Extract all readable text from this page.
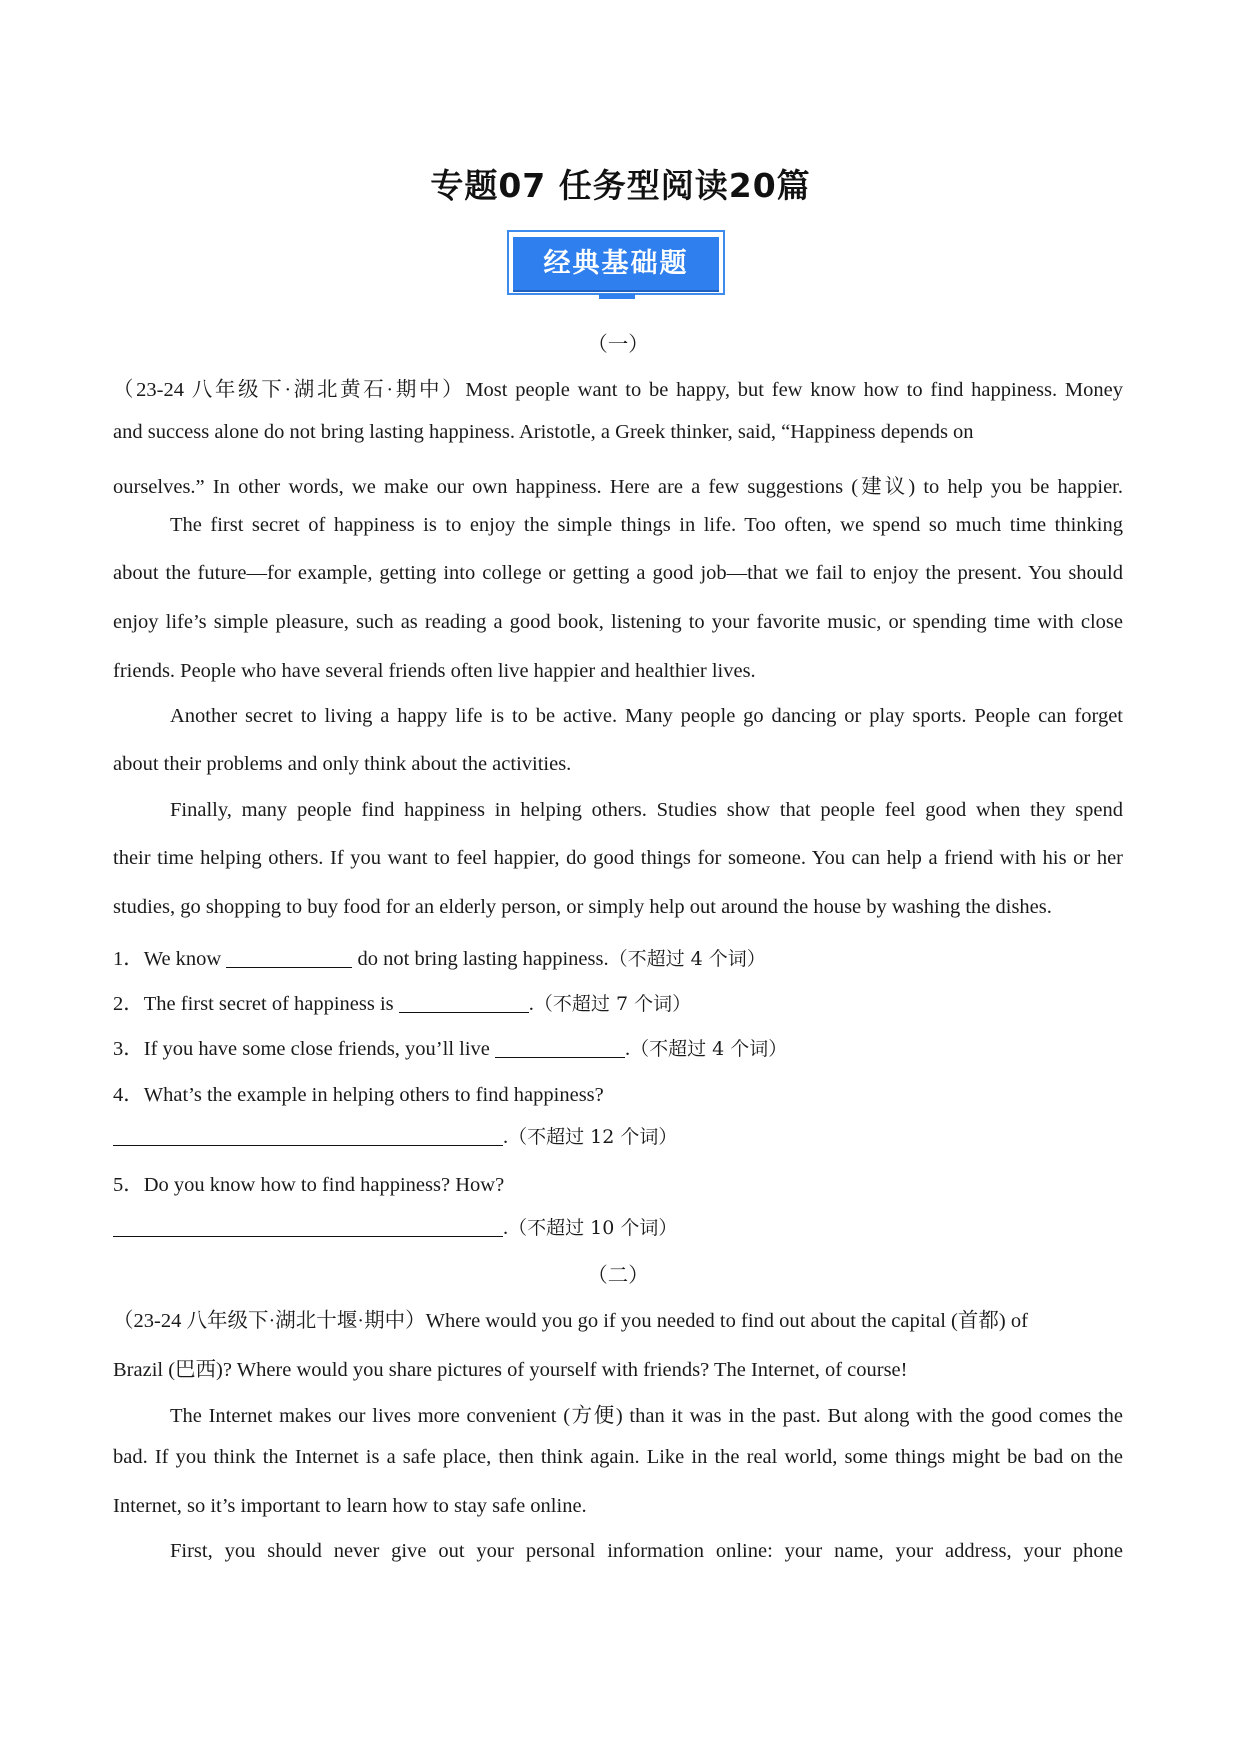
专题07 任务型阅读20篇
经典基础题
（一）
（23-24 八年级下·湖北黄石·期中）Most people want to be happy, but few know how to find happiness. Money
and success alone do not bring lasting happiness. Aristotle, a Greek thinker, said, “Happiness depends on
ourselves.” In other words, we make our own happiness. Here are a few suggestions (建议) to help you be happier.
The first secret of happiness is to enjoy the simple things in life. Too often, we spend so much time thinking
about the future—for example, getting into college or getting a good job—that we fail to enjoy the present. You should
enjoy life’s simple pleasure, such as reading a good book, listening to your favorite music, or spending time with close
friends. People who have several friends often live happier and healthier lives.
Another secret to living a happy life is to be active. Many people go dancing or play sports. People can forget
about their problems and only think about the activities.
Finally, many people find happiness in helping others. Studies show that people feel good when they spend
their time helping others. If you want to feel happier, do good things for someone. You can help a friend with his or her
studies, go shopping to buy food for an elderly person, or simply help out around the house by washing the dishes.
1．We know	do not bring lasting happiness.（不超过 4 个词）
2．The first secret of happiness is	.（不超过 7 个词）
3．If you have some close friends, you’ll live	.（不超过 4 个词）
4．What’s the example in helping others to find happiness?
.（不超过 12 个词）
5．Do you know how to find happiness? How?
.（不超过 10 个词）
（二）
（23-24 八年级下·湖北十堰·期中）Where would you go if you needed to find out about the capital (首都) of
Brazil (巴西)? Where would you share pictures of yourself with friends? The Internet, of course!
The Internet makes our lives more convenient (方便) than it was in the past. But along with the good comes the
bad. If you think the Internet is a safe place, then think again. Like in the real world, some things might be bad on the
Internet, so it’s important to learn how to stay safe online.
First, you should never give out your personal information online: your name, your address, your phone
